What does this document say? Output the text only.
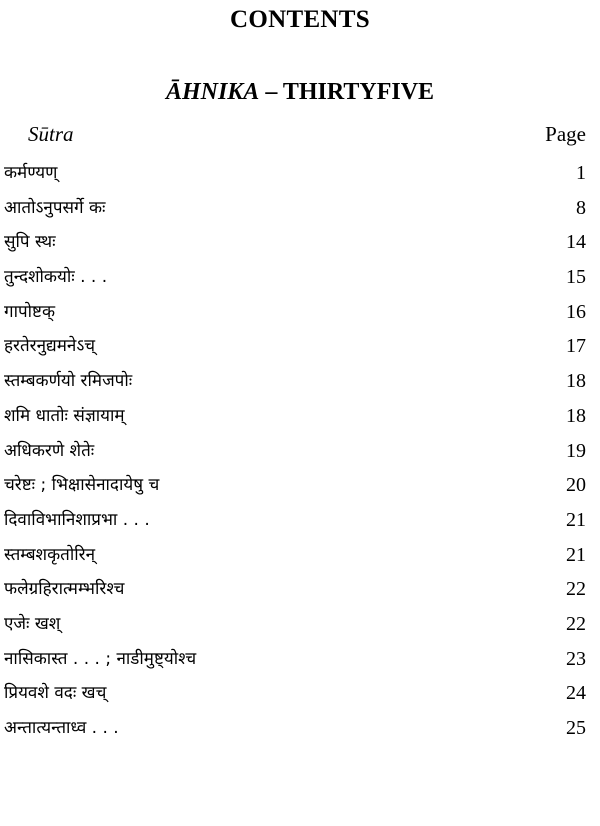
CONTENTS
ĀHNIKA – THIRTYFIVE
Sūtra	Page
कर्मण्यण्	1
आतोऽनुपसर्गे कः	8
सुपि स्थः	14
तुन्दशोकयोः . . .	15
गापोष्टक्	16
हरतेरनुद्यमनेऽच्	17
स्तम्बकर्णयो रमिजपोः	18
शमि धातोः संज्ञायाम्	18
अधिकरणे शेतेः	19
चरेष्टः ; भिक्षासेनादायेषु च	20
दिवाविभानिशाप्रभा . . .	21
स्तम्बशकृतोरिन्	21
फलेग्रहिरात्मम्भरिश्च	22
एजेः खश्	22
नासिकास्त . . . ; नाडीमुष्ट्योश्च	23
प्रियवशे वदः खच्	24
अन्तात्यन्ताध्व . . .	25
